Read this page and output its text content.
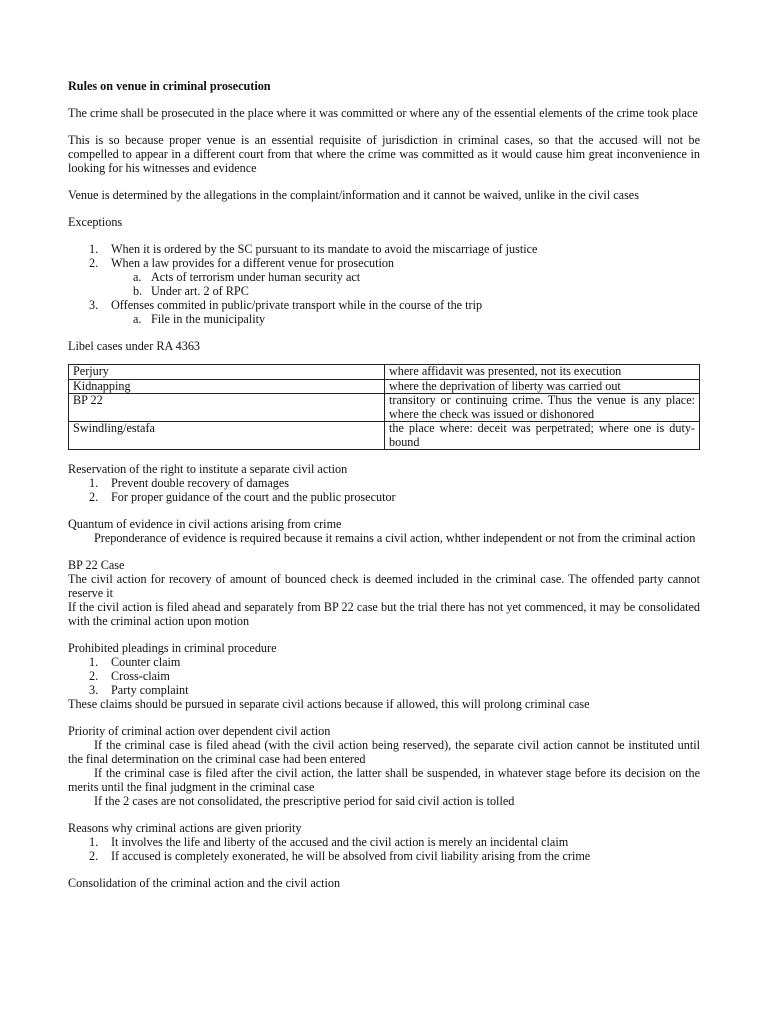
Rules on venue in criminal prosecution

The crime shall be prosecuted in the place where it was committed or where any of the essential elements of the crime took place

This is so because proper venue is an essential requisite of jurisdiction in criminal cases, so that the accused will not be compelled to appear in a different court from that where the crime was committed as it would cause him great inconvenience in looking for his witnesses and evidence

Venue is determined by the allegations in the complaint/information and it cannot be waived, unlike in the civil cases

Exceptions

1. When it is ordered by the SC pursuant to its mandate to avoid the miscarriage of justice
2. When a law provides for a different venue for prosecution
a. Acts of terrorism under human security act
b. Under art. 2 of RPC
3. Offenses commited in public/private transport while in the course of the trip
a. File in the municipality

Libel cases under RA 4363

Perjury	where affidavit was presented, not its execution
Kidnapping	where the deprivation of liberty was carried out
BP 22	transitory or continuing crime. Thus the venue is any place: where the check was issued or dishonored
Swindling/estafa	the place where: deceit was perpetrated; where one is duty-bound

Reservation of the right to institute a separate civil action

1. Prevent double recovery of damages
2. For proper guidance of the court and the public prosecutor

Quantum of evidence in civil actions arising from crime

Preponderance of evidence is required because it remains a civil action, whther independent or not from the criminal action

BP 22 Case

The civil action for recovery of amount of bounced check is deemed included in the criminal case. The offended party cannot reserve it

If the civil action is filed ahead and separately from BP 22 case but the trial there has not yet commenced, it may be consolidated with the criminal action upon motion

Prohibited pleadings in criminal procedure

1. Counter claim
2. Cross-claim
3. Party complaint

These claims should be pursued in separate civil actions because if allowed, this will prolong criminal case

Priority of criminal action over dependent civil action

If the criminal case is filed ahead (with the civil action being reserved), the separate civil action cannot be instituted until the final determination on the criminal case had been entered

If the criminal case is filed after the civil action, the latter shall be suspended, in whatever stage before its decision on the merits until the final judgment in the criminal case

If the 2 cases are not consolidated, the prescriptive period for said civil action is tolled

Reasons why criminal actions are given priority

1. It involves the life and liberty of the accused and the civil action is merely an incidental claim
2. If accused is completely exonerated, he will be absolved from civil liability arising from the crime

Consolidation of the criminal action and the civil action
